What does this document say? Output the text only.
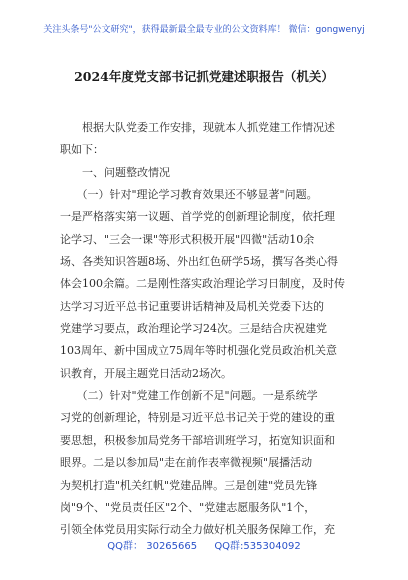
关注头条号"公文研究"，获得最新最全最专业的公文资料库！ 微信：gongwenyj
2024年度党支部书记抓党建述职报告（机关）
　　根据大队党委工作安排，现就本人抓党建工作情况述
职如下：
　　一、问题整改情况
　　（一）针对"理论学习教育效果还不够显著"问题。
一是严格落实第一议题、首学党的创新理论制度，依托理
论学习、"三会一课"等形式积极开展"四微"活动10余
场、各类知识答题8场、外出红色研学5场，撰写各类心得
体会100余篇。二是刚性落实政治理论学习日制度，及时传
达学习习近平总书记重要讲话精神及局机关党委下达的
党建学习要点，政治理论学习24次。三是结合庆祝建党
103周年、新中国成立75周年等时机强化党员政治机关意
识教育，开展主题党日活动2场次。
　　（二）针对"党建工作创新不足"问题。一是系统学
习党的创新理论，特别是习近平总书记关于党的建设的重
要思想，积极参加局党务干部培训班学习，拓宽知识面和
眼界。二是以参加局"走在前作表率微视频"展播活动
为契机打造"机关红帆"党建品牌。三是创建"党员先锋
岗"9个、"党员责任区"2个、"党建志愿服务队"1个，
引领全体党员用实际行动全力做好机关服务保障工作，充
QQ群： 30265665 QQ群:535304092
